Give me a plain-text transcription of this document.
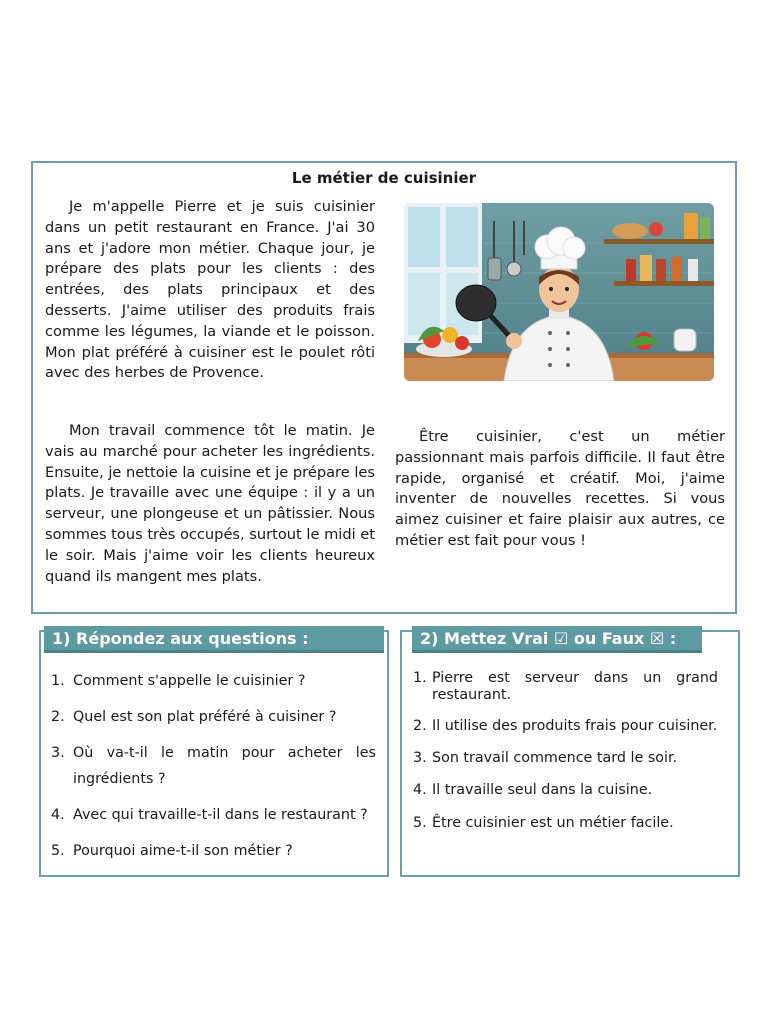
Le métier de cuisinier

Je m'appelle Pierre et je suis cuisinier dans un petit restaurant en France. J'ai 30 ans et j'adore mon métier. Chaque jour, je prépare des plats pour les clients : des entrées, des plats principaux et des desserts. J'aime utiliser des produits frais comme les légumes, la viande et le poisson. Mon plat préféré à cuisiner est le poulet rôti avec des herbes de Provence.

Mon travail commence tôt le matin. Je vais au marché pour acheter les ingrédients. Ensuite, je nettoie la cuisine et je prépare les plats. Je travaille avec une équipe : il y a un serveur, une plongeuse et un pâtissier. Nous sommes tous très occupés, surtout le midi et le soir. Mais j'aime voir les clients heureux quand ils mangent mes plats.

Être cuisinier, c'est un métier passionnant mais parfois difficile. Il faut être rapide, organisé et créatif. Moi, j'aime inventer de nouvelles recettes. Si vous aimez cuisiner et faire plaisir aux autres, ce métier est fait pour vous !

1) Répondez aux questions :
1. Comment s'appelle le cuisinier ?
2. Quel est son plat préféré à cuisiner ?
3. Où va-t-il le matin pour acheter les ingrédients ?
4. Avec qui travaille-t-il dans le restaurant ?
5. Pourquoi aime-t-il son métier ?
2) Mettez Vrai ☑ ou Faux ☒ :
1. Pierre est serveur dans un grand restaurant.
2. Il utilise des produits frais pour cuisiner.
3. Son travail commence tard le soir.
4. Il travaille seul dans la cuisine.
5. Être cuisinier est un métier facile.
